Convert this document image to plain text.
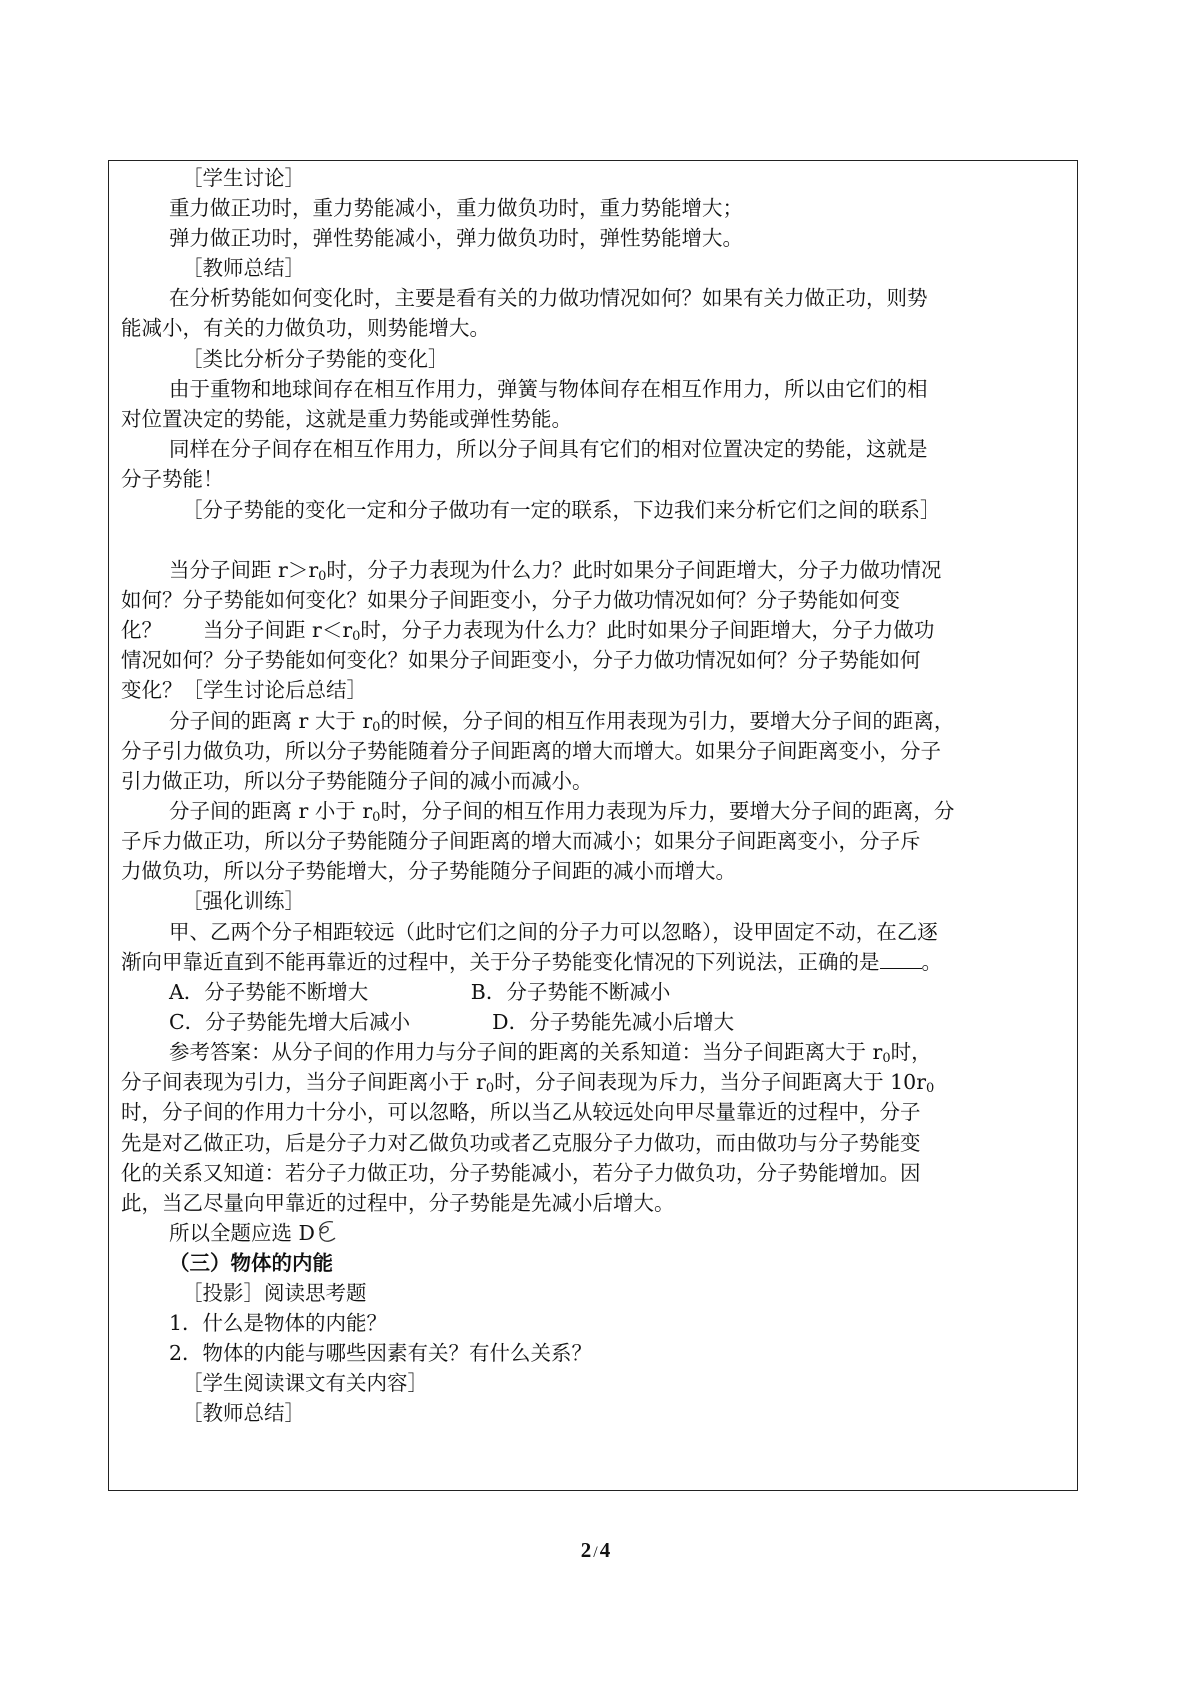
［学生讨论］
重力做正功时，重力势能减小，重力做负功时，重力势能增大；
弹力做正功时，弹性势能减小，弹力做负功时，弹性势能增大。
［教师总结］
在分析势能如何变化时，主要是看有关的力做功情况如何？如果有关力做正功，则势
能减小，有关的力做负功，则势能增大。
［类比分析分子势能的变化］
由于重物和地球间存在相互作用力，弹簧与物体间存在相互作用力，所以由它们的相
对位置决定的势能，这就是重力势能或弹性势能。
同样在分子间存在相互作用力，所以分子间具有它们的相对位置决定的势能，这就是
分子势能！
［分子势能的变化一定和分子做功有一定的联系，下边我们来分析它们之间的联系］
当分子间距 $r>r_0$时，分子力表现为什么力？此时如果分子间距增大，分子力做功情况
如何？分子势能如何变化？如果分子间距变小，分子力做功情况如何？分子势能如何变
化？　　当分子间距 $r<r_0$时，分子力表现为什么力？此时如果分子间距增大，分子力做功
情况如何？分子势能如何变化？如果分子间距变小，分子力做功情况如何？分子势能如何
变化？［学生讨论后总结］
分子间的距离 r 大于 $r_0$的时候，分子间的相互作用表现为引力，要增大分子间的距离，
分子引力做负功，所以分子势能随着分子间距离的增大而增大。如果分子间距离变小，分子
引力做正功，所以分子势能随分子间的减小而减小。
分子间的距离 r 小于 $r_0$时，分子间的相互作用力表现为斥力，要增大分子间的距离，分
子斥力做正功，所以分子势能随分子间距离的增大而减小；如果分子间距离变小，分子斥
力做负功，所以分子势能增大，分子势能随分子间距的减小而增大。
［强化训练］
甲、乙两个分子相距较远（此时它们之间的分子力可以忽略），设甲固定不动，在乙逐
渐向甲靠近直到不能再靠近的过程中，关于分子势能变化情况的下列说法，正确的是 。
A．分子势能不断增大　　　　　B．分子势能不断减小
C．分子势能先增大后减小　　　　D．分子势能先减小后增大
参考答案：从分子间的作用力与分子间的距离的关系知道：当分子间距离大于 $r_0$时，
分子间表现为引力，当分子间距离小于 $r_0$时，分子间表现为斥力，当分子间距离大于 $10r_0$
时，分子间的作用力十分小，可以忽略，所以当乙从较远处向甲尽量靠近的过程中，分子
先是对乙做正功，后是分子力对乙做负功或者乙克服分子力做功，而由做功与分子势能变
化的关系又知道：若分子力做正功，分子势能减小，若分子力做负功，分子势能增加。因
此，当乙尽量向甲靠近的过程中，分子势能是先减小后增大。
所以全题应选 D
（三）物体的内能
［投影］阅读思考题
1．什么是物体的内能？
2．物体的内能与哪些因素有关？有什么关系？
［学生阅读课文有关内容］
［教师总结］
2 /4
